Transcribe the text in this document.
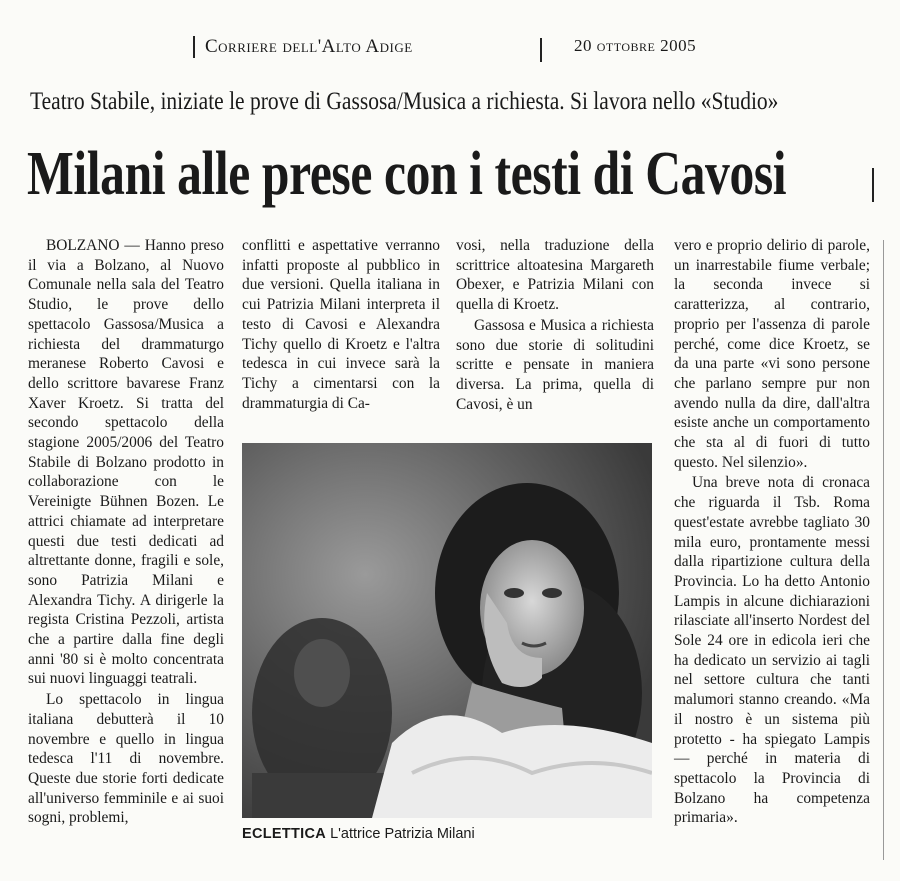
Corriere dell'Alto Adige	20 ottobre 2005
Teatro Stabile, iniziate le prove di Gassosa/Musica a richiesta. Si lavora nello «Studio»
Milani alle prese con i testi di Cavosi

BOLZANO — Hanno preso il via a Bolzano, al Nuovo Comunale nella sala del Teatro Studio, le prove dello spettacolo Gassosa/Musica a richiesta del drammaturgo meranese Roberto Cavosi e dello scrittore bavarese Franz Xaver Kroetz. Si tratta del secondo spettacolo della stagione 2005/2006 del Teatro Stabile di Bolzano prodotto in collaborazione con le Vereinigte Bühnen Bozen. Le attrici chiamate ad interpretare questi due testi dedicati ad altrettante donne, fragili e sole, sono Patrizia Milani e Alexandra Tichy. A dirigerle la regista Cristina Pezzoli, artista che a partire dalla fine degli anni '80 si è molto concentrata sui nuovi linguaggi teatrali.

Lo spettacolo in lingua italiana debutterà il 10 novembre e quello in lingua tedesca l'11 di novembre. Queste due storie forti dedicate all'universo femminile e ai suoi sogni, problemi,

conflitti e aspettative verranno infatti proposte al pubblico in due versioni. Quella italiana in cui Patrizia Milani interpreta il testo di Cavosi e Alexandra Tichy quello di Kroetz e l'altra tedesca in cui invece sarà la Tichy a cimentarsi con la drammaturgia di Ca-

vosi, nella traduzione della scrittrice altoatesina Margareth Obexer, e Patrizia Milani con quella di Kroetz.

Gassosa e Musica a richiesta sono due storie di solitudini scritte e pensate in maniera diversa. La prima, quella di Cavosi, è un

vero e proprio delirio di parole, un inarrestabile fiume verbale; la seconda invece si caratterizza, al contrario, proprio per l'assenza di parole perché, come dice Kroetz, se da una parte «vi sono persone che parlano sempre pur non avendo nulla da dire, dall'altra esiste anche un comportamento che sta al di fuori di tutto questo. Nel silenzio».

Una breve nota di cronaca che riguarda il Tsb. Roma quest'estate avrebbe tagliato 30 mila euro, prontamente messi dalla ripartizione cultura della Provincia. Lo ha detto Antonio Lampis in alcune dichiarazioni rilasciate all'inserto Nordest del Sole 24 ore in edicola ieri che ha dedicato un servizio ai tagli nel settore cultura che tanti malumori stanno creando. «Ma il nostro è un sistema più protetto - ha spiegato Lampis — perché in materia di spettacolo la Provincia di Bolzano ha competenza primaria».

ECLETTICA L'attrice Patrizia Milani
